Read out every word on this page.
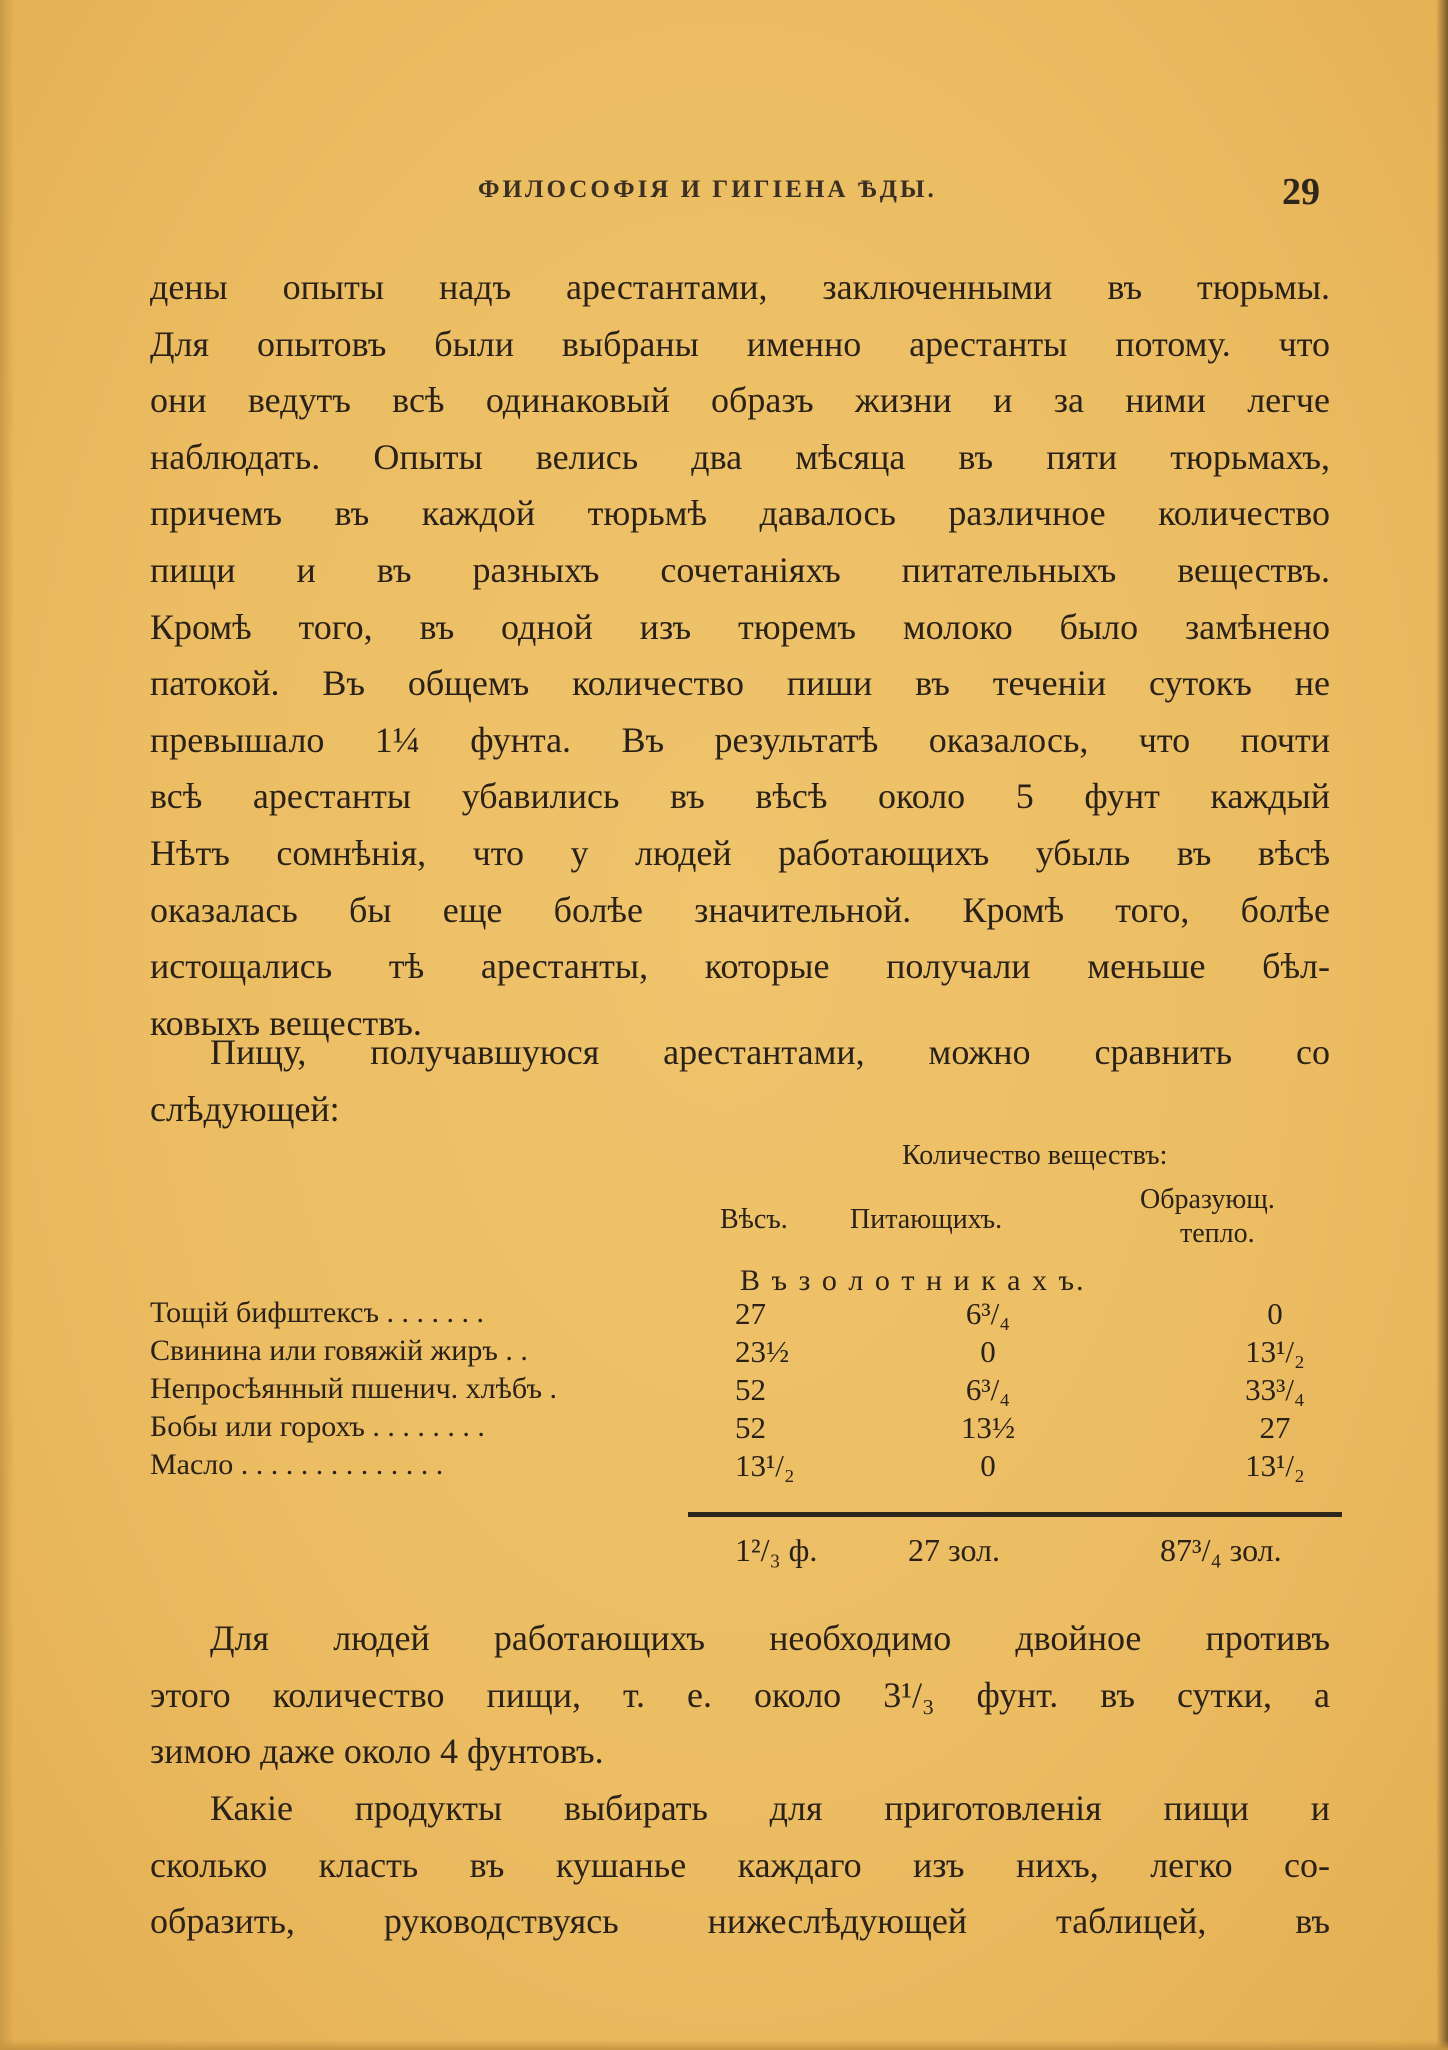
ФИЛОСОФІЯ И ГИГІЕНА ѢДЫ.	29
дены опыты надъ арестантами, заключенными въ тюрьмы.
Для опытовъ были выбраны именно арестанты потому. что
они ведутъ всѣ одинаковый образъ жизни и за ними легче
наблюдать. Опыты велись два мѣсяца въ пяти тюрьмахъ,
причемъ въ каждой тюрьмѣ давалось различное количество
пищи и въ разныхъ сочетаніяхъ питательныхъ веществъ.
Кромѣ того, въ одной изъ тюремъ молоко было замѣнено
патокой. Въ общемъ количество пиши въ теченіи сутокъ не
превышало 1¼ фунта. Въ результатѣ оказалось, что почти
всѣ арестанты убавились въ вѣсѣ около 5 фунт каждый
Нѣтъ сомнѣнія, что у людей работающихъ убыль въ вѣсѣ
оказалась бы еще болѣе значительной. Кромѣ того, болѣе
истощались тѣ арестанты, которые получали меньше бѣл-
ковыхъ веществъ.
Пищу, получавшуюся арестантами, можно сравнить со
слѣдующей:
Количество веществъ:
Вѣсъ. Питающихъ.
Образующ.
тепло.
В ъ з о л о т н и к а х ъ.
Тощій бифштексъ . . . . . . .	27	6³/₄	0
Свинина или говяжій жиръ . .	23½	0	13¹/₂
Непросѣянный пшенич. хлѣбъ .	52	6³/₄	33³/₄
Бобы или горохъ . . . . . . . .	52	13½	27
Масло . . . . . . . . . . . . . .	13¹/₂	0	13¹/₂
1²/₃ ф.	27 зол.	87³/₄ зол.
Для людей работающихъ необходимо двойное противъ
этого количество пищи, т. е. около 3¹/₃ фунт. въ сутки, а
зимою даже около 4 фунтовъ.
Какіе продукты выбирать для приготовленія пищи и
сколько класть въ кушанье каждаго изъ нихъ, легко со-
образить, руководствуясь нижеслѣдующей таблицей, въ
